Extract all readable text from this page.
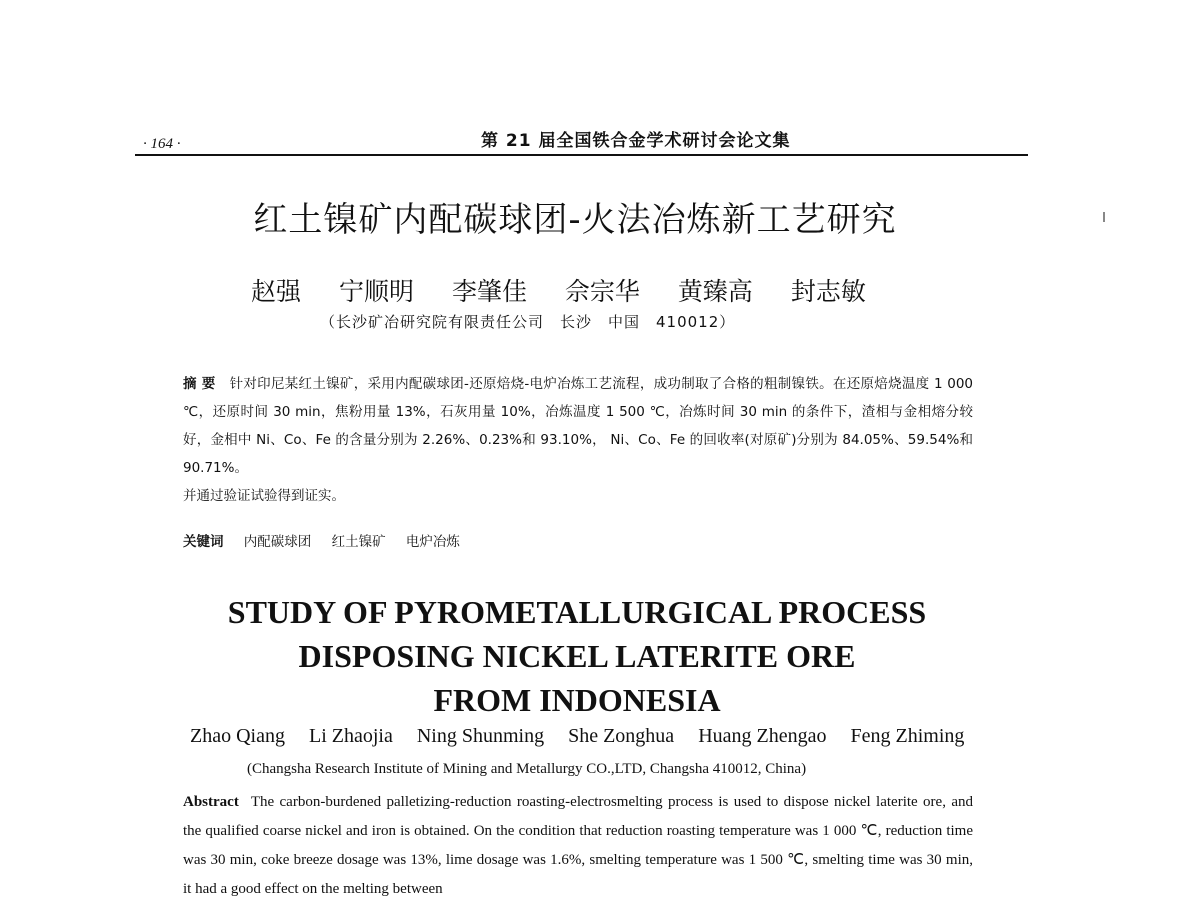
· 164 ·	第 21 届全国铁合金学术研讨会论文集
红土镍矿内配碳球团-火法冶炼新工艺研究
赵强 宁顺明 李肇佳 佘宗华 黄臻高 封志敏
（长沙矿冶研究院有限责任公司　长沙　中国　410012）

摘 要 针对印尼某红土镍矿，采用内配碳球团-还原焙烧-电炉冶炼工艺流程，成功制取了合格的粗制镍铁。在还原焙烧温度 1 000 ℃，还原时间 30 min，焦粉用量 13%，石灰用量 10%，冶炼温度 1 500 ℃，冶炼时间 30 min 的条件下，渣相与金相熔分较好，金相中 Ni、Co、Fe 的含量分别为 2.26%、0.23%和 93.10%， Ni、Co、Fe 的回收率(对原矿)分别为 84.05%、59.54%和 90.71%。

并通过验证试验得到证实。

关键词 内配碳球团 红土镍矿 电炉冶炼
STUDY OF PYROMETALLURGICAL PROCESS
DISPOSING NICKEL LATERITE ORE
FROM INDONESIA
Zhao Qiang Li Zhaojia Ning Shunming She Zonghua Huang Zhengao Feng Zhiming
(Changsha Research Institute of Mining and Metallurgy CO.,LTD, Changsha 410012, China)

Abstract The carbon-burdened palletizing-reduction roasting-electrosmelting process is used to dispose nickel laterite ore, and the qualified coarse nickel and iron is obtained. On the condition that reduction roasting temperature was 1 000 ℃, reduction time was 30 min, coke breeze dosage was 13%, lime dosage was 1.6%, smelting temperature was 1 500 ℃, smelting time was 30 min, it had a good effect on the melting between
